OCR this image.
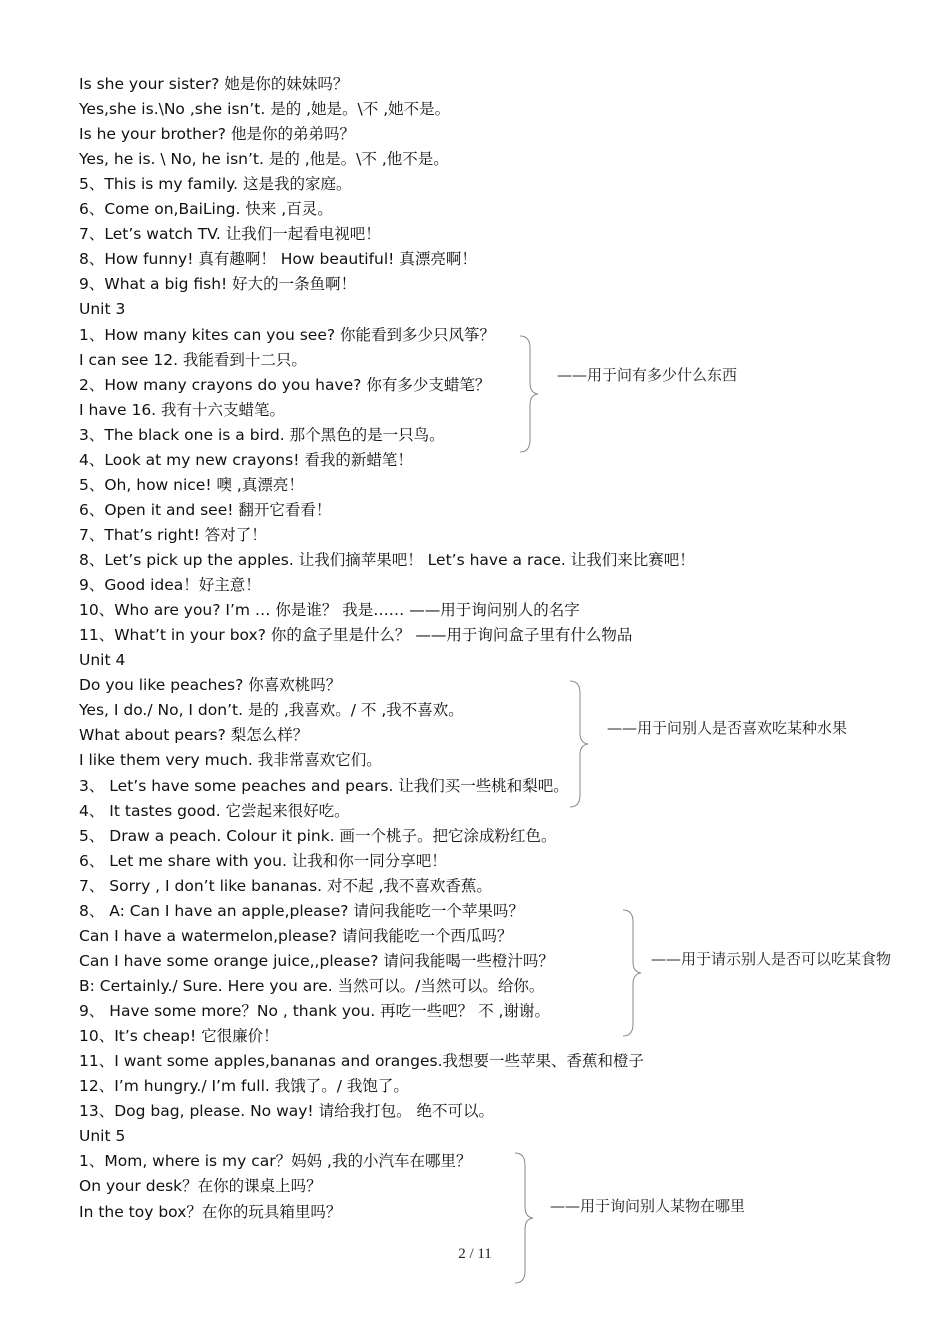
Is she your sister? 她是你的妹妹吗？
Yes,she is.\No ,she isn’t. 是的 ,她是。\不 ,她不是。
Is he your brother? 他是你的弟弟吗？
Yes, he is. \ No, he isn’t. 是的 ,他是。\不 ,他不是。
5、This is my family. 这是我的家庭。
6、Come on,BaiLing. 快来 ,百灵。
7、Let’s watch TV. 让我们一起看电视吧！
8、How funny! 真有趣啊！ How beautiful! 真漂亮啊！
9、What a big fish! 好大的一条鱼啊！
Unit 3
1、How many kites can you see? 你能看到多少只风筝？
I can see 12. 我能看到十二只。
2、How many crayons do you have? 你有多少支蜡笔？
I have 16. 我有十六支蜡笔。
3、The black one is a bird. 那个黑色的是一只鸟。
4、Look at my new crayons! 看我的新蜡笔！
5、Oh, how nice! 噢 ,真漂亮！
6、Open it and see! 翻开它看看！
7、That’s right! 答对了！
8、Let’s pick up the apples. 让我们摘苹果吧！ Let’s have a race. 让我们来比赛吧！
9、Good idea！好主意！
10、Who are you? I’m … 你是谁？ 我是…… ——用于询问别人的名字
11、What’t in your box? 你的盒子里是什么？ ——用于询问盒子里有什么物品
Unit 4
Do you like peaches? 你喜欢桃吗？
Yes, I do./ No, I don’t. 是的 ,我喜欢。/ 不 ,我不喜欢。
What about pears? 梨怎么样？
I like them very much. 我非常喜欢它们。
3、 Let’s have some peaches and pears. 让我们买一些桃和梨吧。
4、 It tastes good. 它尝起来很好吃。
5、 Draw a peach. Colour it pink. 画一个桃子。把它涂成粉红色。
6、 Let me share with you. 让我和你一同分享吧！
7、 Sorry , I don’t like bananas. 对不起 ,我不喜欢香蕉。
8、 A: Can I have an apple,please? 请问我能吃一个苹果吗？
Can I have a watermelon,please? 请问我能吃一个西瓜吗？
Can I have some orange juice,,please? 请问我能喝一些橙汁吗？
B: Certainly./ Sure. Here you are. 当然可以。/当然可以。给你。
9、 Have some more？No , thank you. 再吃一些吧？ 不 ,谢谢。
10、It’s cheap! 它很廉价！
11、I want some apples,bananas and oranges.我想要一些苹果、香蕉和橙子
12、I’m hungry./ I’m full. 我饿了。/ 我饱了。
13、Dog bag, please. No way! 请给我打包。 绝不可以。
Unit 5
1、Mom, where is my car？妈妈 ,我的小汽车在哪里？
On your desk？在你的课桌上吗？
In the toy box？在你的玩具箱里吗？
——用于问有多少什么东西
——用于问别人是否喜欢吃某种水果
——用于请示别人是否可以吃某食物
——用于询问别人某物在哪里
2 / 11
